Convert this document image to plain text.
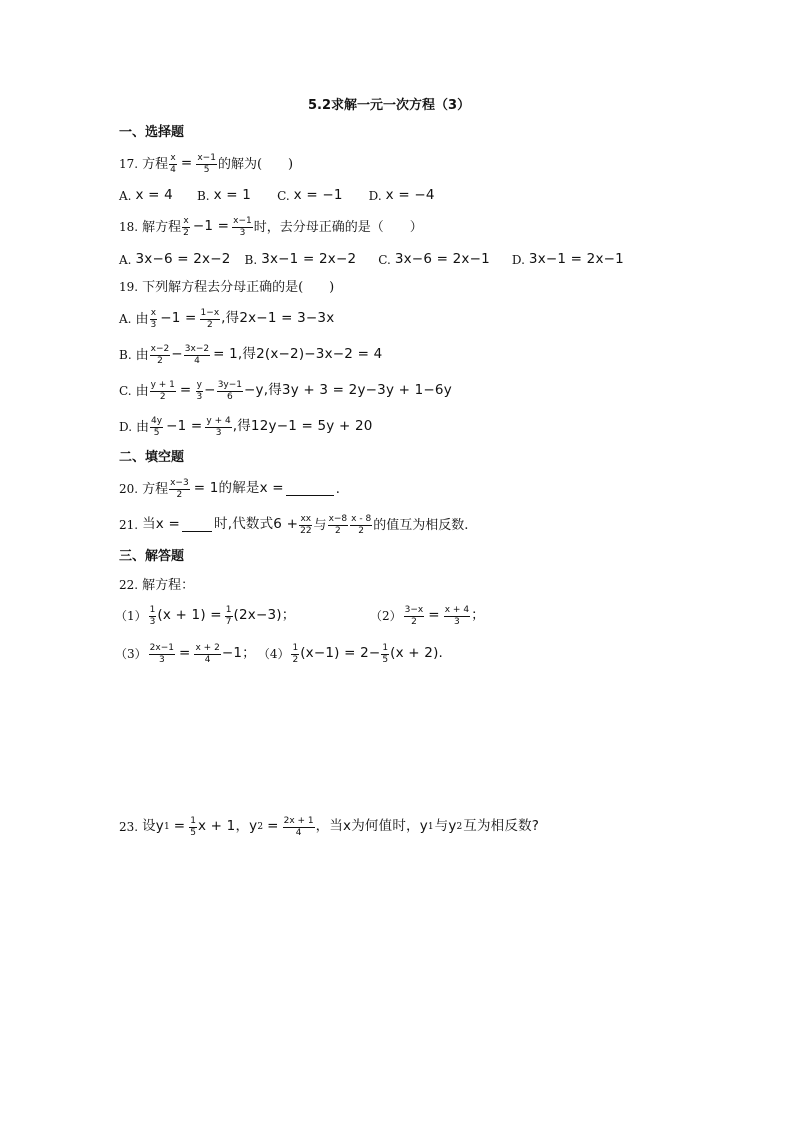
5.2求解一元一次方程（3）
一、选择题
17. 方程 $\frac{x}{4} = \frac{x-1}{5}$ 的解为(　　)
A. x = 4 B. x = 1 C. x = −1 D. x = −4
18. 解方程 $\frac{x}{2} -1 = \frac{x-1}{3}$ 时，去分母正确的是（　　）
A. 3x−6 = 2x−2 B. 3x−1 = 2x−2 C. 3x−6 = 2x−1 D. 3x−1 = 2x−1
19. 下列解方程去分母正确的是(　　)
A. 由 $\frac{x}{3} -1 = \frac{1-x}{2}$ ,得2x−1 = 3−3x
B. 由 $\frac{x-2}{2} - \frac{3x-2}{4} = 1$,得2(x−2)−3x−2 = 4
C. 由 $\frac{y + 1}{2} = \frac{y}{3} - \frac{3y-1}{6} -y$,得3y + 3 = 2y−3y + 1−6y
D. 由 $\frac{4y}{5} -1 = \frac{y + 4}{3}$ ,得12y−1 = 5y + 20
二、填空题
20. 方程 $\frac{x-3}{2} = 1$的解是x =	.
21. 当x =	时,代数式$6 + \frac{xx}{22}$ 与 $\frac{x-8}{2} \frac{x - 8}{2}$ 的值互为相反数.
三、解答题
22. 解方程：
$(1) \frac{1}{3} (x + 1) = \frac{1}{7} (2x-3)$；	$(2) \frac{3-x}{2} = \frac{x + 4}{3}$ ；
$(3) \frac{2x-1}{3} = \frac{x + 2}{4} -1$； $(4) \frac{1}{2} (x-1) = 2- \frac{1}{5} (x + 2)$.
23. 设y $1 = \frac{1}{5}$ x + 1，y $2 = \frac{2x + 1}{4}$ ，当x为何值时，y 1 与y 2 互为相反数?
